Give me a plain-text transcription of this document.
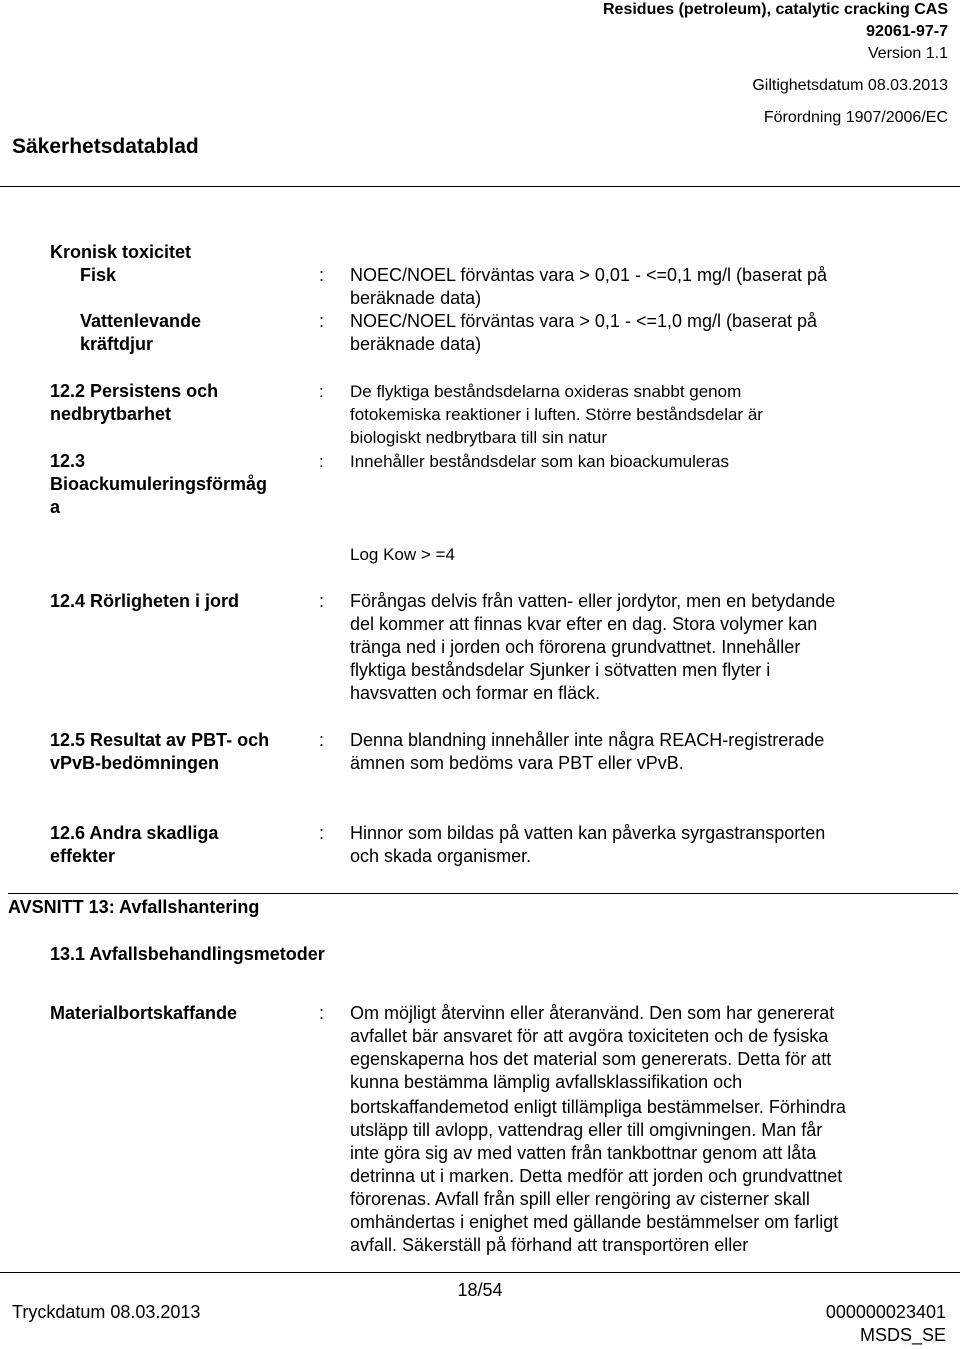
Residues (petroleum), catalytic cracking CAS
92061-97-7
Version 1.1
Giltighetsdatum 08.03.2013
Förordning 1907/2006/EC
Säkerhetsdatablad
Kronisk toxicitet
Fisk	: NOEC/NOEL förväntas vara > 0,01 - <=0,1 mg/l (baserat på
beräknade data)
Vattenlevande
kräftdjur
: NOEC/NOEL förväntas vara > 0,1 - <=1,0 mg/l (baserat på
beräknade data)
12.2 Persistens och
nedbrytbarhet
: De flyktiga beståndsdelarna oxideras snabbt genom
fotokemiska reaktioner i luften. Större beståndsdelar är
biologiskt nedbrytbara till sin natur
12.3
Bioackumuleringsförmåg
a
: Innehåller beståndsdelar som kan bioackumuleras
Log Kow > =4
12.4 Rörligheten i jord	: Förångas delvis från vatten- eller jordytor, men en betydande
del kommer att finnas kvar efter en dag. Stora volymer kan
tränga ned i jorden och förorena grundvattnet. Innehåller
flyktiga beståndsdelar Sjunker i sötvatten men flyter i
havsvatten och formar en fläck.
12.5 Resultat av PBT- och
vPvB-bedömningen
: Denna blandning innehåller inte några REACH-registrerade
ämnen som bedöms vara PBT eller vPvB.
12.6 Andra skadliga
effekter
: Hinnor som bildas på vatten kan påverka syrgastransporten
och skada organismer.
AVSNITT 13: Avfallshantering
13.1 Avfallsbehandlingsmetoder
Materialbortskaffande	: Om möjligt återvinn eller återanvänd. Den som har genererat
avfallet bär ansvaret för att avgöra toxiciteten och de fysiska
egenskaperna hos det material som genererats. Detta för att
kunna bestämma lämplig avfallsklassifikation och
bortskaffandemetod enligt tillämpliga bestämmelser. Förhindra
utsläpp till avlopp, vattendrag eller till omgivningen. Man får
inte göra sig av med vatten från tankbottnar genom att låta
detrinna ut i marken. Detta medför att jorden och grundvattnet
förorenas. Avfall från spill eller rengöring av cisterner skall
omhändertas i enighet med gällande bestämmelser om farligt
avfall. Säkerställ på förhand att transportören eller
18/54
Tryckdatum 08.03.2013	000000023401
MSDS_SE
